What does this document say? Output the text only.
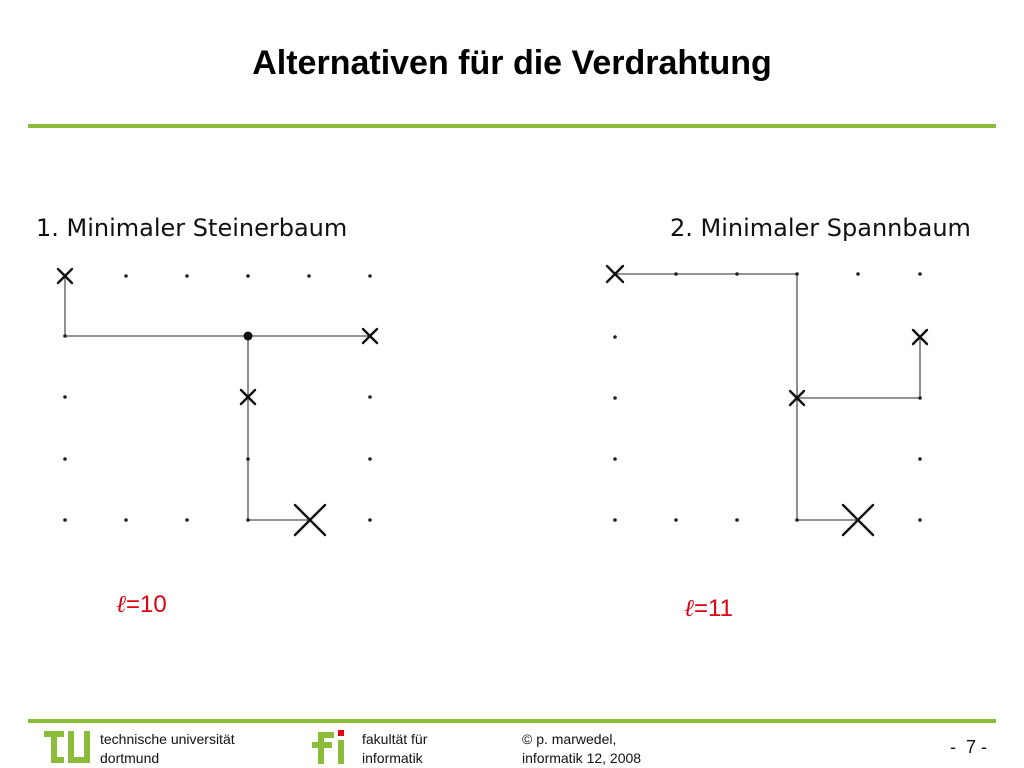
Alternativen für die Verdrahtung
1. Minimaler Steinerbaum	2. Minimaler Spannbaum
ℓ=10	ℓ=11
technische universität
dortmund
fakultät für
informatik
© p. marwedel,
informatik 12, 2008
-  7 -
